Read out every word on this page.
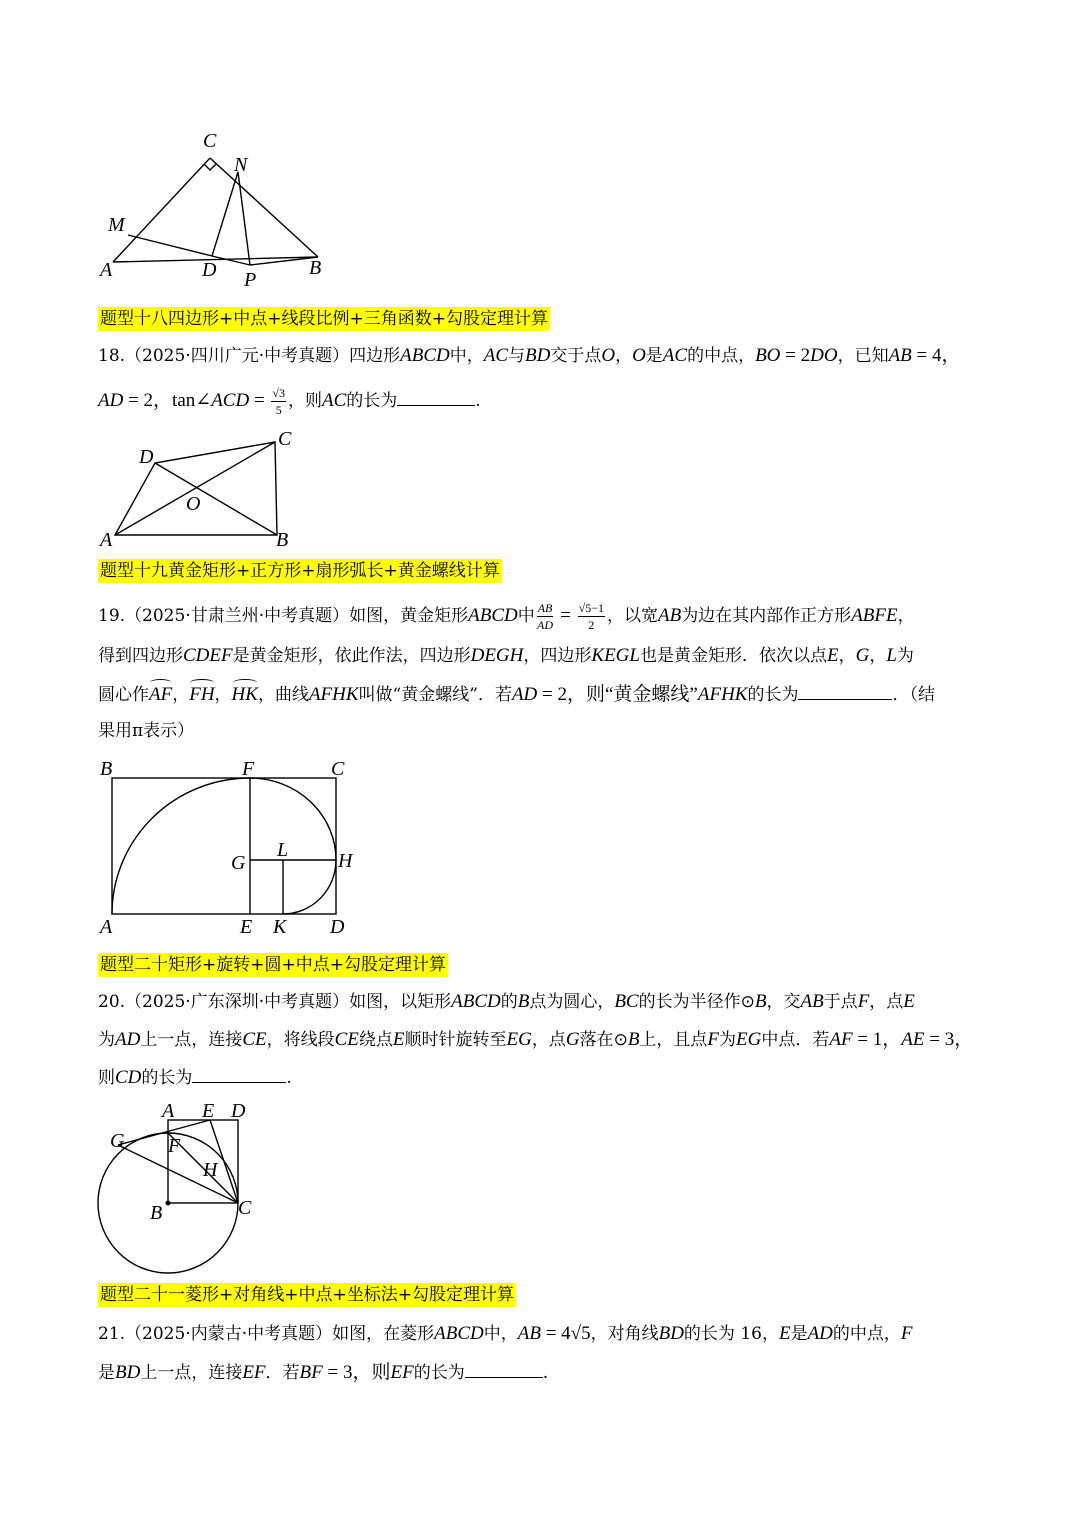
C
N
M
A	D P
B
题型十八四边形+中点+线段比例+三角函数+勾股定理计算
18.（2025·四川广元·中考真题）四边形ABCD中，AC与BD交于点O，O是AC的中点，BO = 2DO，已知AB = 4，
AD = 2，tan∠ACD = $\frac{√3}{5}$ ，则AC的长为	.
D
C
O
A	B
题型十九黄金矩形+正方形+扇形弧长+黄金螺线计算
19.（2025·甘肃兰州·中考真题）如图，黄金矩形ABCD中 $\frac{AB}{AD} = \frac{√5-1}{2}$ ，以宽AB为边在其内部作正方形ABFE，
得到四边形CDEF是黄金矩形，依此作法，四边形DEGH，四边形KEGL也是黄金矩形．依次以点E，G，L为
圆心作AF，FH，HK，曲线AFHK叫做“黄金螺线”．若AD = 2，则“黄金螺线”AFHK的长为	．（结
果用π表示）
B	F	C
G
L H
A	E K D
题型二十矩形+旋转+圆+中点+勾股定理计算
20.（2025·广东深圳·中考真题）如图，以矩形ABCD的B点为圆心，BC的长为半径作⊙B，交AB于点F，点E
为AD上一点，连接CE，将线段CE绕点E顺时针旋转至EG，点G落在⊙B上，且点F为EG中点．若AF = 1，AE = 3，
则CD的长为	.
A E D
G F
H
B	C
题型二十一菱形+对角线+中点+坐标法+勾股定理计算
21.（2025·内蒙古·中考真题）如图，在菱形ABCD中，AB = 4√5，对角线BD的长为 16，E是AD的中点，F
是BD上一点，连接EF．若BF = 3，则EF的长为	.
